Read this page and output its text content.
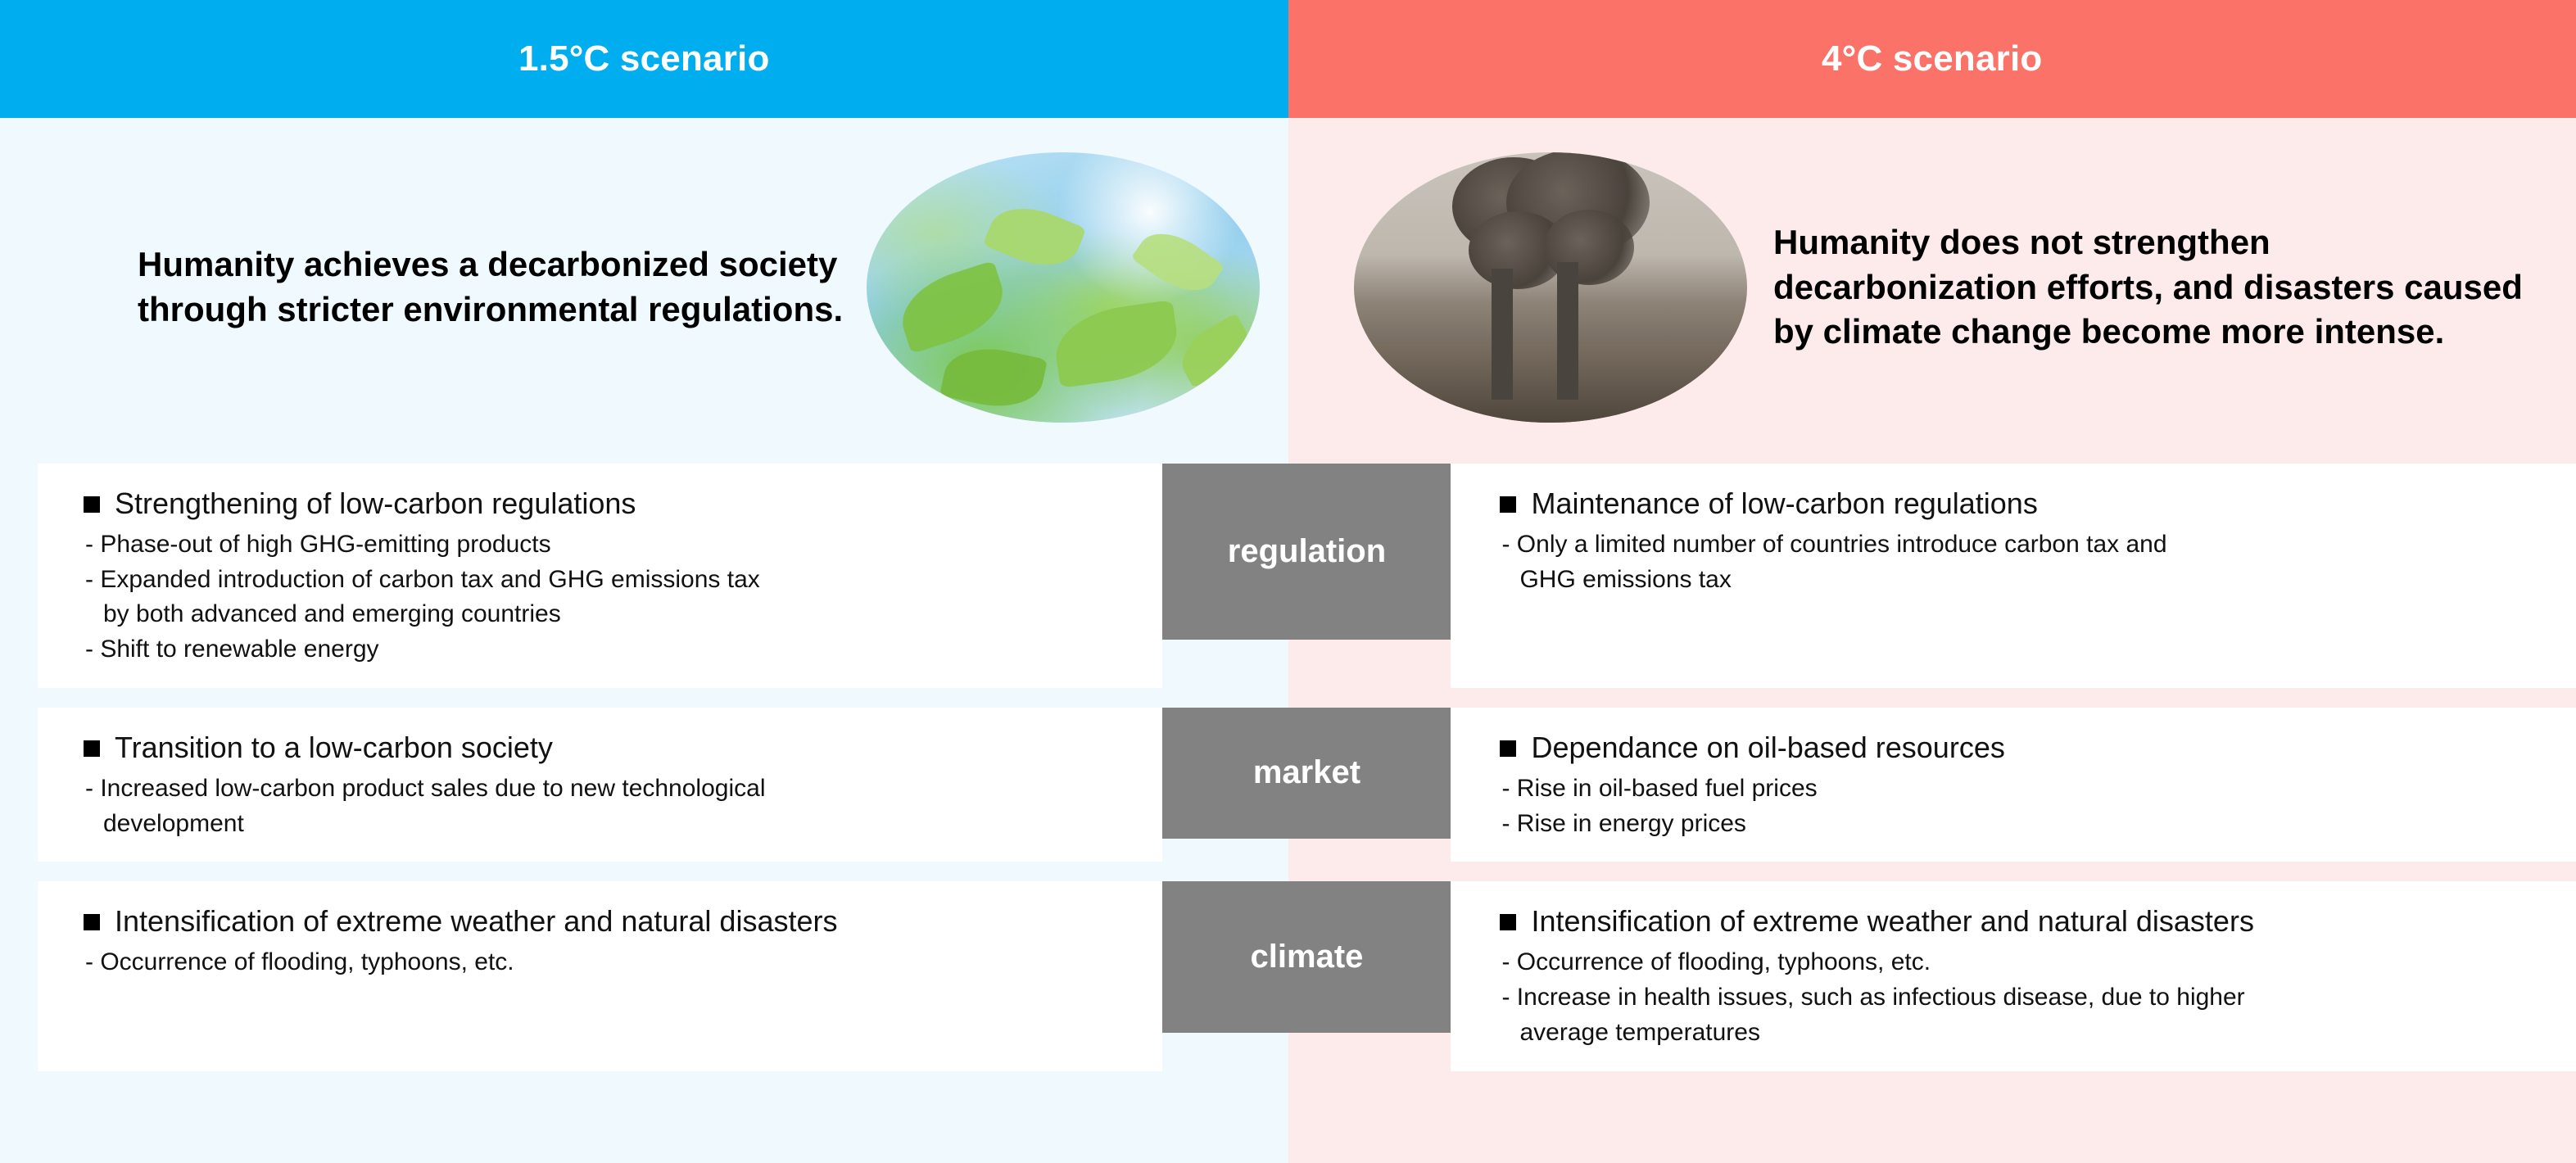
1.5°C scenario	4°C scenario
Humanity achieves a decarbonized society through stricter environmental regulations.
Humanity does not strengthen decarbonization efforts, and disasters caused by climate change become more intense.

Strengthening of low-carbon regulations

- Phase-out of high GHG-emitting products

- Expanded introduction of carbon tax and GHG emissions tax

by both advanced and emerging countries

- Shift to renewable energy

regulation

Maintenance of low-carbon regulations

- Only a limited number of countries introduce carbon tax and

GHG emissions tax

Transition to a low-carbon society

- Increased low-carbon product sales due to new technological

development

market

Dependance on oil-based resources

- Rise in oil-based fuel prices

- Rise in energy prices

Intensification of extreme weather and natural disasters

- Occurrence of flooding, typhoons, etc.	climate

Intensification of extreme weather and natural disasters

- Occurrence of flooding, typhoons, etc.

- Increase in health issues, such as infectious disease, due to higher

average temperatures
